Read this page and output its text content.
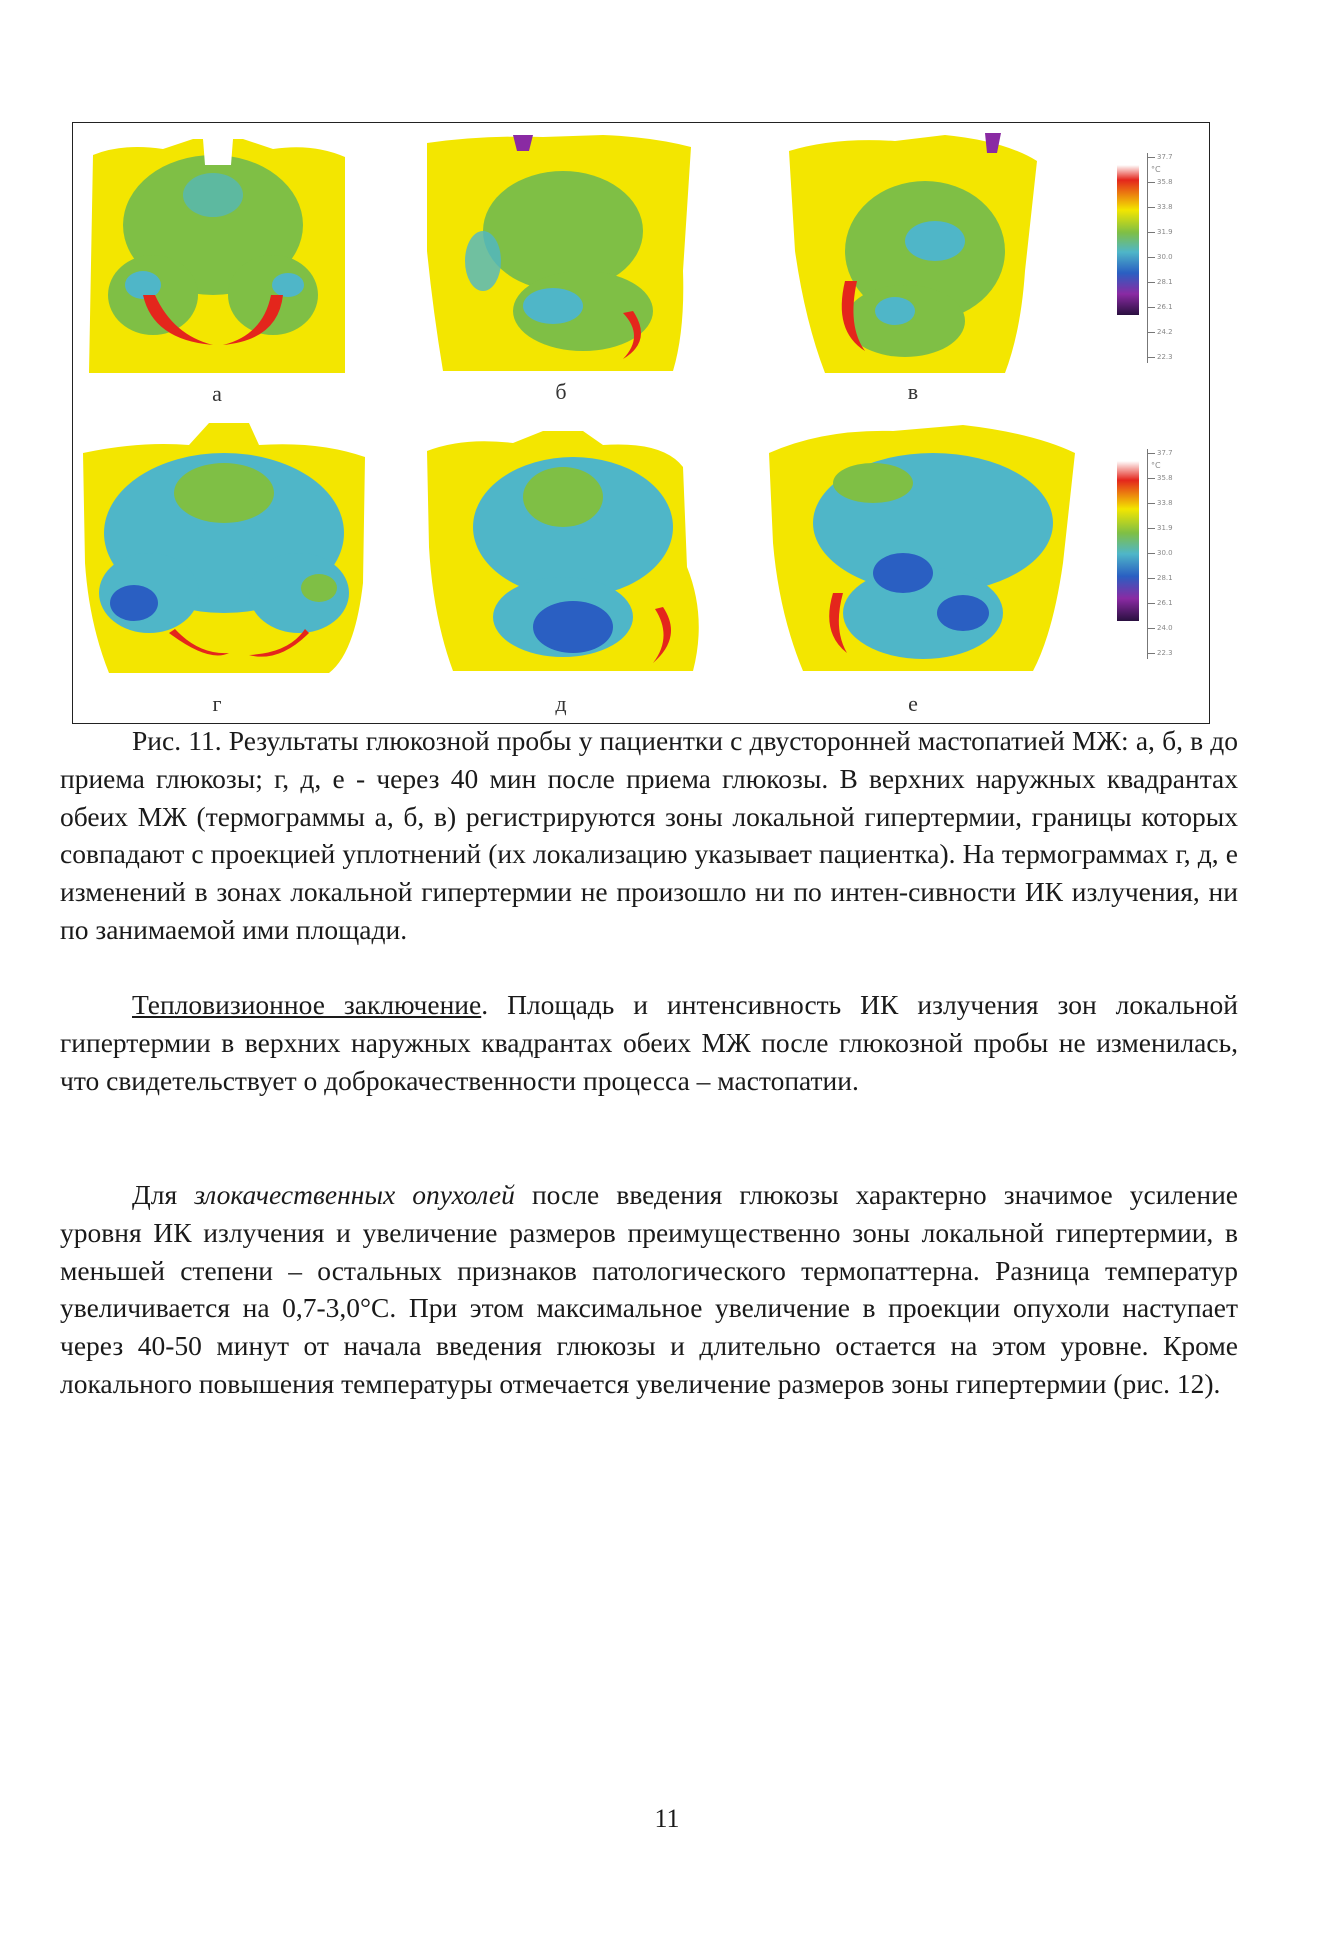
а	б	в
°C
37.7
35.8
33.8
31.9
30.0
28.1
26.1
24.2
22.3
г	д	е
°C
37.7
35.8
33.8
31.9
30.0
28.1
26.1
24.0
22.3

Рис. 11. Результаты глюкозной пробы у пациентки с двусторонней мастопатией МЖ: а, б, в до приема глюкозы; г, д, е - через 40 мин после приема глюкозы. В верхних наружных квадрантах обеих МЖ (термограммы а, б, в) регистрируются зоны локальной гипертермии, границы которых совпадают с проекцией уплотнений (их локализацию указывает пациентка). На термограммах г, д, е изменений в зонах локальной гипертермии не произошло ни по интен-сивности ИК излучения, ни по занимаемой ими площади.

Тепловизионное заключение. Площадь и интенсивность ИК излучения зон локальной гипертермии в верхних наружных квадрантах обеих МЖ после глюкозной пробы не изменилась, что свидетельствует о доброкачественности процесса – мастопатии.

Для злокачественных опухолей после введения глюкозы характерно значимое усиление уровня ИК излучения и увеличение размеров преимущественно зоны локальной гипертермии, в меньшей степени – остальных признаков патологического термопаттерна. Разница температур увеличивается на 0,7-3,0°С. При этом максимальное увеличение в проекции опухоли наступает через 40-50 минут от начала введения глюкозы и длительно остается на этом уровне. Кроме локального повышения температуры отмечается увеличение размеров зоны гипертермии (рис. 12).

11
